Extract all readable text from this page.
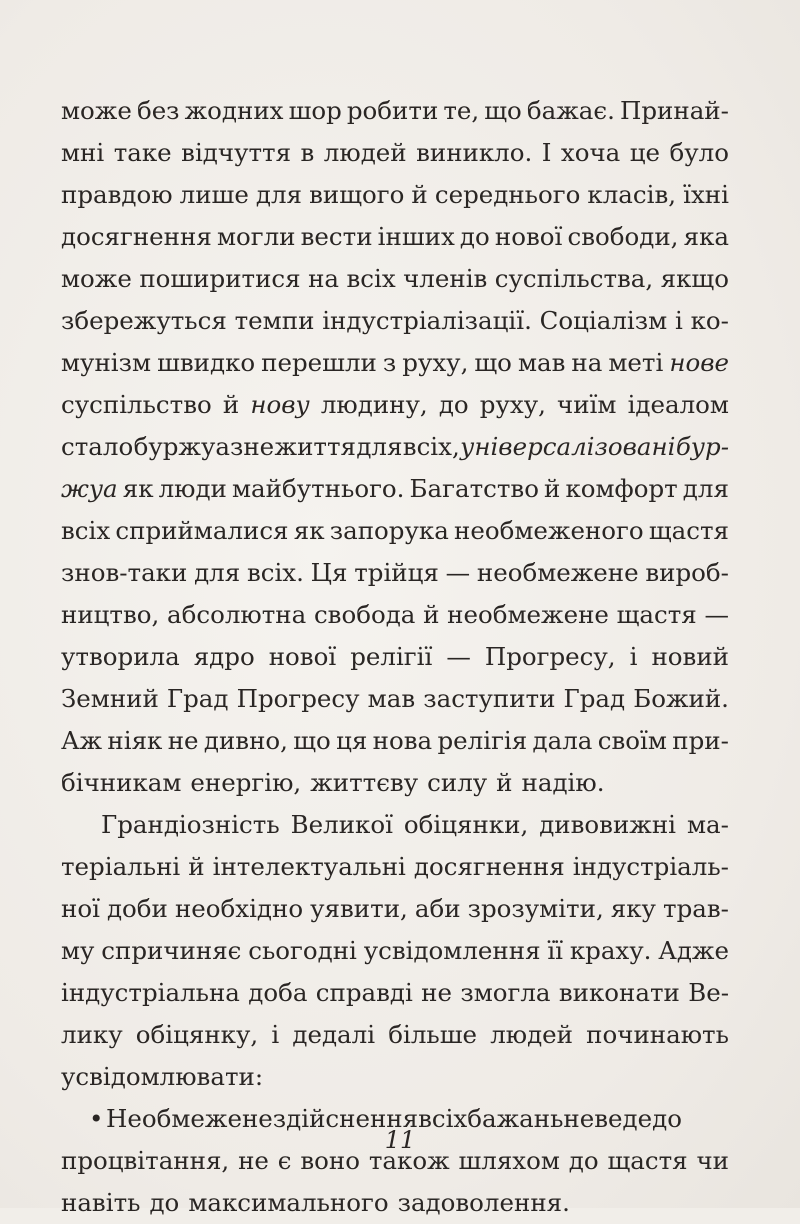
може без жодних шор робити те, що бажає. Принай-
мні таке відчуття в людей виникло. І хоча це було
правдою лише для вищого й середнього класів, їхні
досягнення могли вести інших до нової свободи, яка
може поширитися на всіх членів суспільства, якщо
збережуться темпи індустріалізації. Соціалізм і ко-
мунізм швидко перешли з руху, що мав на меті нове
суспільство й нову людину, до руху, чиїм ідеалом
стало буржуазне життя для всіх, універсалізовані бур-
жуа як люди майбутнього. Багатство й комфорт для
всіх сприймалися як запорука необмеженого щастя
знов-таки для всіх. Ця трійця — необмежене вироб-
ництво, абсолютна свобода й необмежене щастя —
утворила ядро нової релігії — Прогресу, і новий
Земний Град Прогресу мав заступити Град Божий.
Аж ніяк не дивно, що ця нова релігія дала своїм при-
бічникам енергію, життєву силу й надію.
Грандіозність Великої обіцянки, дивовижні ма-
теріальні й інтелектуальні досягнення індустріаль-
ної доби необхідно уявити, аби зрозуміти, яку трав-
му спричиняє сьогодні усвідомлення її краху. Адже
індустріальна доба справді не змогла виконати Ве-
лику обіцянку, і дедалі більше людей починають
усвідомлювати:
• Необмеженездійсненнявсіхбажаньневедедо
процвітання, не є воно також шляхом до щастя чи
навіть до максимального задоволення.
11
